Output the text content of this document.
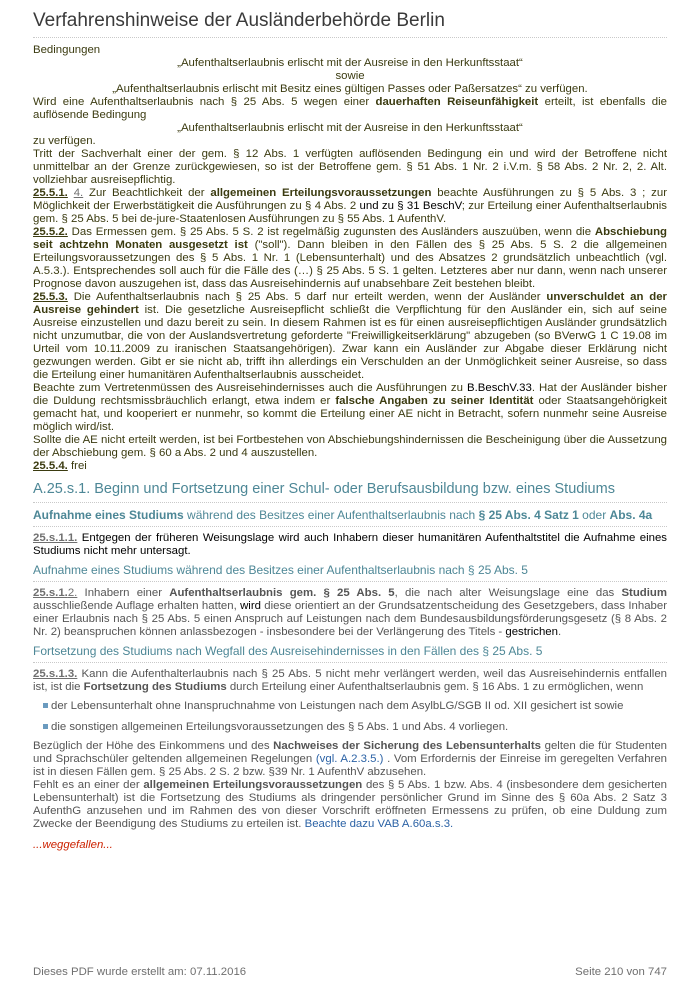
Verfahrenshinweise der Ausländerbehörde Berlin

Bedingungen

„Aufenthaltserlaubnis erlischt mit der Ausreise in den Herkunftsstaat“

sowie

„Aufenthaltserlaubnis erlischt mit Besitz eines gültigen Passes oder Paßersatzes“ zu verfügen.

Wird eine Aufenthaltserlaubnis nach § 25 Abs. 5 wegen einer dauerhaften Reiseunfähigkeit erteilt, ist ebenfalls die auflösende Bedingung

„Aufenthaltserlaubnis erlischt mit der Ausreise in den Herkunftsstaat“

zu verfügen.

Tritt der Sachverhalt einer der gem. § 12 Abs. 1 verfügten auflösenden Bedingung ein und wird der Betroffene nicht unmittelbar an der Grenze zurückgewiesen, so ist der Betroffene gem. § 51 Abs. 1 Nr. 2 i.V.m. § 58 Abs. 2 Nr. 2, 2. Alt. vollziehbar ausreisepflichtig.

25.5.1. 4. Zur Beachtlichkeit der allgemeinen Erteilungsvoraussetzungen beachte Ausführungen zu § 5 Abs. 3 ; zur Möglichkeit der Erwerbstätigkeit die Ausführungen zu § 4 Abs. 2 und zu § 31 BeschV; zur Erteilung einer Aufenthaltserlaubnis gem. § 25 Abs. 5 bei de-jure-Staatenlosen Ausführungen zu § 55 Abs. 1 AufenthV.

25.5.2. Das Ermessen gem. § 25 Abs. 5 S. 2 ist regelmäßig zugunsten des Ausländers auszuüben, wenn die Abschiebung seit achtzehn Monaten ausgesetzt ist ("soll"). Dann bleiben in den Fällen des § 25 Abs. 5 S. 2 die allgemeinen Erteilungsvoraussetzungen des § 5 Abs. 1 Nr. 1 (Lebensunterhalt) und des Absatzes 2 grundsätzlich unbeachtlich (vgl. A.5.3.). Entsprechendes soll auch für die Fälle des (…) § 25 Abs. 5 S. 1 gelten. Letzteres aber nur dann, wenn nach unserer Prognose davon auszugehen ist, dass das Ausreisehindernis auf unabsehbare Zeit bestehen bleibt.

25.5.3. Die Aufenthaltserlaubnis nach § 25 Abs. 5 darf nur erteilt werden, wenn der Ausländer unverschuldet an der Ausreise gehindert ist. Die gesetzliche Ausreisepflicht schließt die Verpflichtung für den Ausländer ein, sich auf seine Ausreise einzustellen und dazu bereit zu sein. In diesem Rahmen ist es für einen ausreisepflichtigen Ausländer grundsätzlich nicht unzumutbar, die von der Auslandsvertretung geforderte "Freiwilligkeitserklärung" abzugeben (so BVerwG 1 C 19.08 im Urteil vom 10.11.2009 zu iranischen Staatsangehörigen). Zwar kann ein Ausländer zur Abgabe dieser Erklärung nicht gezwungen werden. Gibt er sie nicht ab, trifft ihn allerdings ein Verschulden an der Unmöglichkeit seiner Ausreise, so dass die Erteilung einer humanitären Aufenthaltserlaubnis ausscheidet.

Beachte zum Vertretenmüssen des Ausreisehindernisses auch die Ausführungen zu B.BeschV.33. Hat der Ausländer bisher die Duldung rechtsmissbräuchlich erlangt, etwa indem er falsche Angaben zu seiner Identität oder Staatsangehörigkeit gemacht hat, und kooperiert er nunmehr, so kommt die Erteilung einer AE nicht in Betracht, sofern nunmehr seine Ausreise möglich wird/ist.

Sollte die AE nicht erteilt werden, ist bei Fortbestehen von Abschiebungshindernissen die Bescheinigung über die Aussetzung der Abschiebung gem. § 60 a Abs. 2 und 4 auszustellen.

25.5.4. frei

A.25.s.1. Beginn und Fortsetzung einer Schul- oder Berufsausbildung bzw. eines Studiums
Aufnahme eines Studiums während des Besitzes einer Aufenthaltserlaubnis nach § 25 Abs. 4 Satz 1 oder Abs. 4a

25.s.1.1. Entgegen der früheren Weisungslage wird auch Inhabern dieser humanitären Aufenthaltstitel die Aufnahme eines Studiums nicht mehr untersagt.

Aufnahme eines Studiums während des Besitzes einer Aufenthaltserlaubnis nach § 25 Abs. 5

25.s.1.2. Inhabern einer Aufenthaltserlaubnis gem. § 25 Abs. 5, die nach alter Weisungslage eine das Studium ausschließende Auflage erhalten hatten, wird diese orientiert an der Grundsatzentscheidung des Gesetzgebers, dass Inhaber einer Erlaubnis nach § 25 Abs. 5 einen Anspruch auf Leistungen nach dem Bundesausbildungsförderungsgesetz (§ 8 Abs. 2 Nr. 2) beanspruchen können anlassbezogen - insbesondere bei der Verlängerung des Titels - gestrichen.

Fortsetzung des Studiums nach Wegfall des Ausreisehindernisses in den Fällen des § 25 Abs. 5

25.s.1.3. Kann die Aufenthalterlaubnis nach § 25 Abs. 5 nicht mehr verlängert werden, weil das Ausreisehindernis entfallen ist, ist die Fortsetzung des Studiums durch Erteilung einer Aufenthaltserlaubnis gem. § 16 Abs. 1 zu ermöglichen, wenn

der Lebensunterhalt ohne Inanspruchnahme von Leistungen nach dem AsylbLG/SGB II od. XII gesichert ist sowie
die sonstigen allgemeinen Erteilungsvoraussetzungen des § 5 Abs. 1 und Abs. 4 vorliegen.

Bezüglich der Höhe des Einkommens und des Nachweises der Sicherung des Lebensunterhalts gelten die für Studenten und Sprachschüler geltenden allgemeinen Regelungen (vgl. A.2.3.5.) . Vom Erfordernis der Einreise im geregelten Verfahren ist in diesen Fällen gem. § 25 Abs. 2 S. 2 bzw. §39 Nr. 1 AufenthV abzusehen.

Fehlt es an einer der allgemeinen Erteilungsvoraussetzungen des § 5 Abs. 1 bzw. Abs. 4 (insbesondere dem gesicherten Lebensunterhalt) ist die Fortsetzung des Studiums als dringender persönlicher Grund im Sinne des § 60a Abs. 2 Satz 3 AufenthG anzusehen und im Rahmen des von dieser Vorschrift eröffneten Ermessens zu prüfen, ob eine Duldung zum Zwecke der Beendigung des Studiums zu erteilen ist. Beachte dazu VAB A.60a.s.3.

...weggefallen...

Dieses PDF wurde erstellt am: 07.11.2016	Seite 210 von 747
